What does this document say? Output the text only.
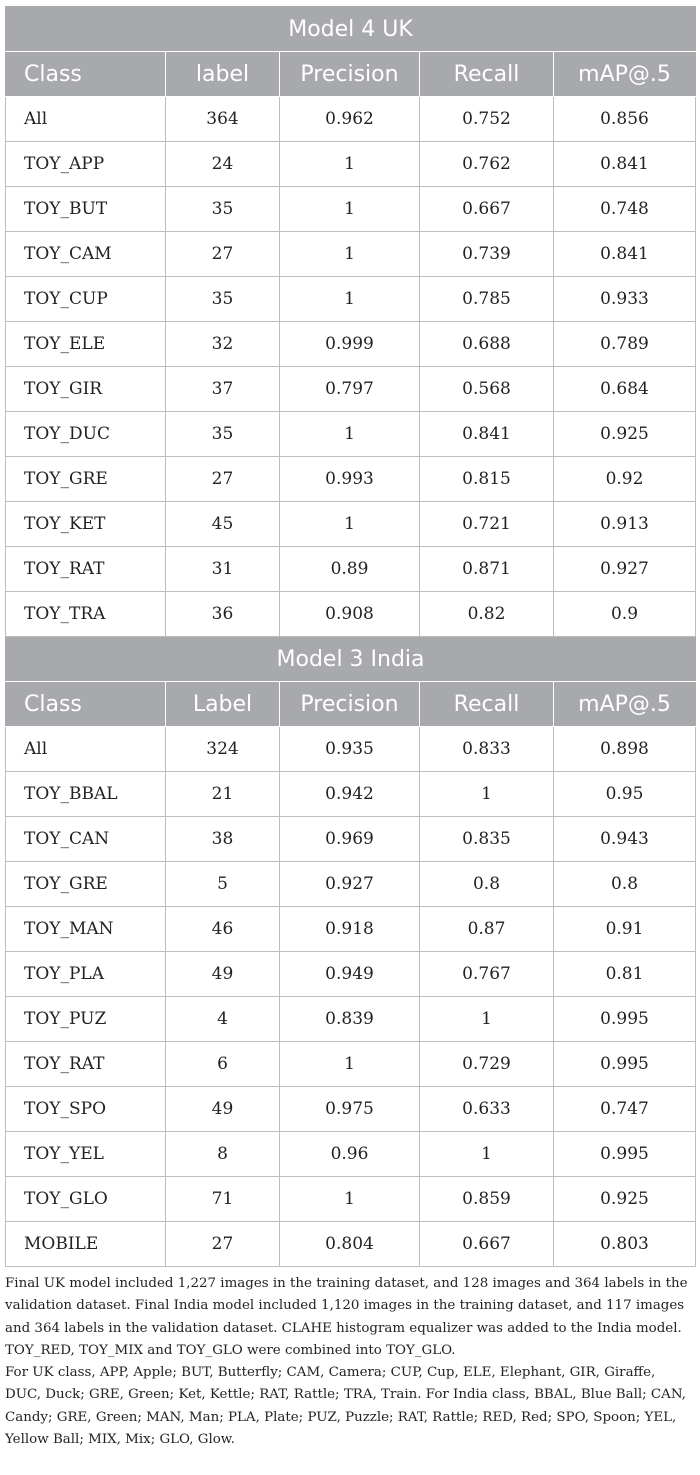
Model 4 UK				
Class	label	Precision	Recall	mAP@.5
All	364	0.962	0.752	0.856
TOY_APP	24	1	0.762	0.841
TOY_BUT	35	1	0.667	0.748
TOY_CAM	27	1	0.739	0.841
TOY_CUP	35	1	0.785	0.933
TOY_ELE	32	0.999	0.688	0.789
TOY_GIR	37	0.797	0.568	0.684
TOY_DUC	35	1	0.841	0.925
TOY_GRE	27	0.993	0.815	0.92
TOY_KET	45	1	0.721	0.913
TOY_RAT	31	0.89	0.871	0.927
TOY_TRA	36	0.908	0.82	0.9
Model 3 India				
Class	Label	Precision	Recall	mAP@.5
All	324	0.935	0.833	0.898
TOY_BBAL	21	0.942	1	0.95
TOY_CAN	38	0.969	0.835	0.943
TOY_GRE	5	0.927	0.8	0.8
TOY_MAN	46	0.918	0.87	0.91
TOY_PLA	49	0.949	0.767	0.81
TOY_PUZ	4	0.839	1	0.995
TOY_RAT	6	1	0.729	0.995
TOY_SPO	49	0.975	0.633	0.747
TOY_YEL	8	0.96	1	0.995
TOY_GLO	71	1	0.859	0.925
MOBILE	27	0.804	0.667	0.803

Final UK model included 1,227 images in the training dataset, and 128 images and 364 labels in the validation dataset. Final India model included 1,120 images in the training dataset, and 117 images and 364 labels in the validation dataset. CLAHE histogram equalizer was added to the India model. TOY_RED, TOY_MIX and TOY_GLO were combined into TOY_GLO.

For UK class, APP, Apple; BUT, Butterfly; CAM, Camera; CUP, Cup, ELE, Elephant, GIR, Giraffe, DUC, Duck; GRE, Green; Ket, Kettle; RAT, Rattle; TRA, Train. For India class, BBAL, Blue Ball; CAN, Candy; GRE, Green; MAN, Man; PLA, Plate; PUZ, Puzzle; RAT, Rattle; RED, Red; SPO, Spoon; YEL, Yellow Ball; MIX, Mix; GLO, Glow.
